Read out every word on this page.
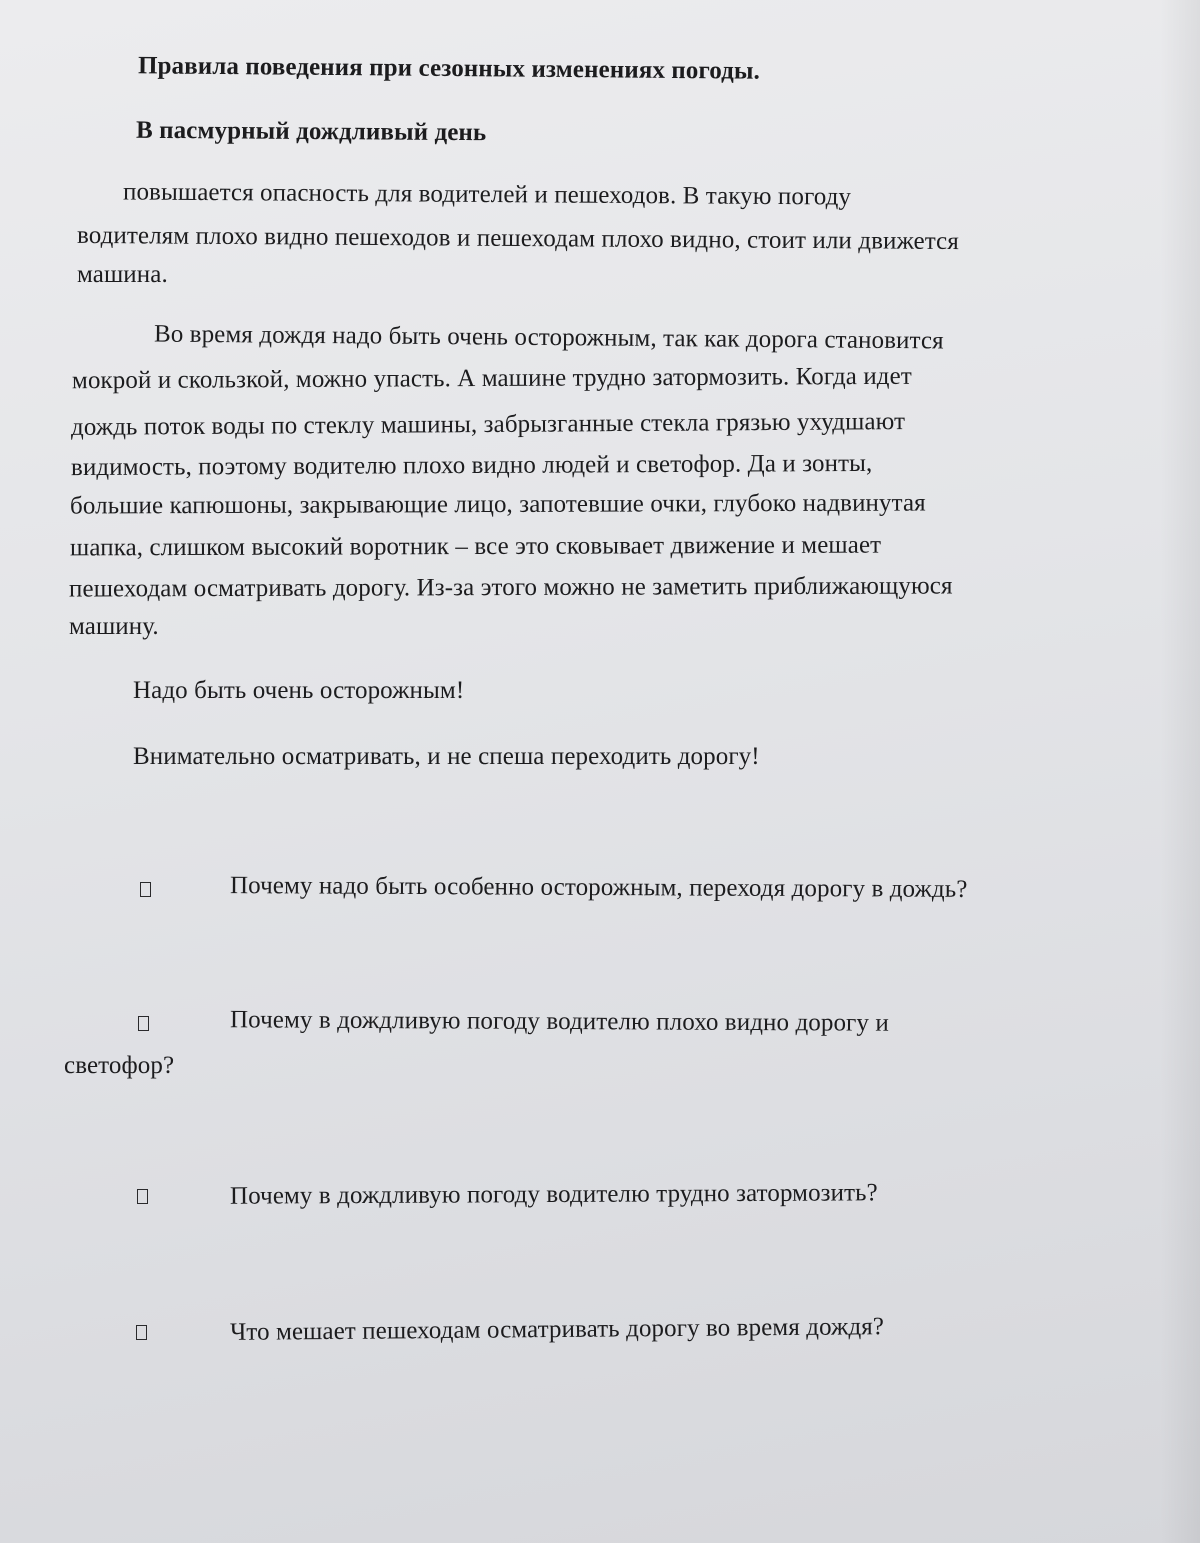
Правила поведения при сезонных изменениях погоды.
В пасмурный дождливый день
повышается опасность для водителей и пешеходов. В такую погоду
водителям плохо видно пешеходов и пешеходам плохо видно, стоит или движется
машина.
Во время дождя надо быть очень осторожным, так как дорога становится
мокрой и скользкой, можно упасть. А машине трудно затормозить. Когда идет
дождь поток воды по стеклу машины, забрызганные стекла грязью ухудшают
видимость, поэтому водителю плохо видно людей и светофор. Да и зонты,
большие капюшоны, закрывающие лицо, запотевшие очки, глубоко надвинутая
шапка, слишком высокий воротник – все это сковывает движение и мешает
пешеходам осматривать дорогу. Из-за этого можно не заметить приближающуюся
машину.
Надо быть очень осторожным!
Внимательно осматривать, и не спеша переходить дорогу!
Почему надо быть особенно осторожным, переходя дорогу в дождь?
Почему в дождливую погоду водителю плохо видно дорогу и
светофор?
Почему в дождливую погоду водителю трудно затормозить?
Что мешает пешеходам осматривать дорогу во время дождя?
